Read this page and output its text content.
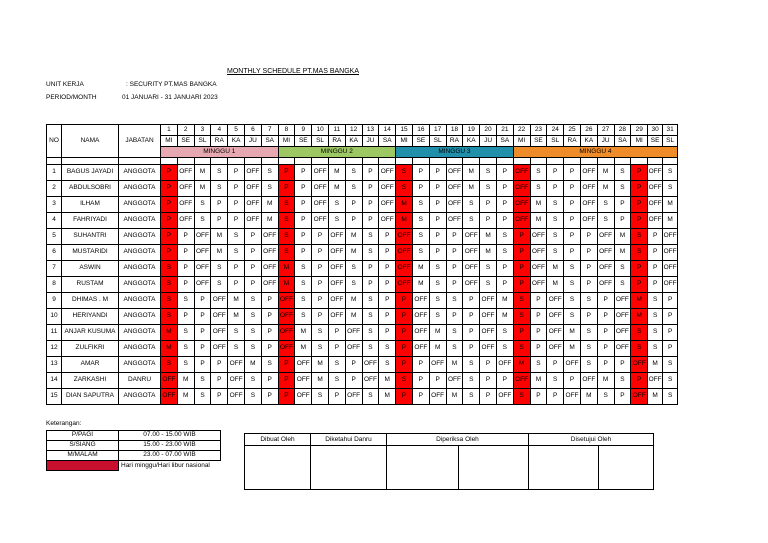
MONTHLY SCHEDULE PT.MAS BANGKA
UNIT KERJA	: SECURITY PT.MAS BANGKA
PERIOD/MONTH	01 JANUARI - 31 JANUARI 2023
NO	NAMA	JABATAN	1	2	3	4	5	6	7	8	9	10	11	12	13	14	15	16	17	18	19	20	21	22	23	24	25	26	27	28	29	30	31
			MI	SE	SL	RA	KA	JU	SA	MI	SE	SL	RA	KA	JU	SA	MI	SE	SL	RA	KA	JU	SA	MI	SE	SL	RA	KA	JU	SA	MI	SE	SL
			MINGGU 1							MINGGU 2							MINGGU 3							MINGGU 4									

1	BAGUS JAYADI	ANGGOTA	P	OFF	M	S	P	OFF	S	P	P	OFF	M	S	P	OFF	S	P	P	OFF	M	S	P	OFF	S	P	P	OFF	M	S	P	OFF	S
2	ABDULSOBRI	ANGGOTA	P	OFF	M	S	P	OFF	S	P	P	OFF	M	S	P	OFF	S	P	P	OFF	M	S	P	OFF	S	P	P	OFF	M	S	P	OFF	S
3	ILHAM	ANGGOTA	P	OFF	S	P	P	OFF	M	S	P	OFF	S	P	P	OFF	M	S	P	OFF	S	P	P	OFF	M	S	P	OFF	S	P	P	OFF	M
4	FAHRIYADI	ANGGOTA	P	OFF	S	P	P	OFF	M	S	P	OFF	S	P	P	OFF	M	S	P	OFF	S	P	P	OFF	M	S	P	OFF	S	P	P	OFF	M
5	SUHANTRI	ANGGOTA	P	P	OFF	M	S	P	OFF	S	P	P	OFF	M	S	P	OFF	S	P	P	OFF	M	S	P	OFF	S	P	P	OFF	M	S	P	OFF
6	MUSTARIDI	ANGGOTA	P	P	OFF	M	S	P	OFF	S	P	P	OFF	M	S	P	OFF	S	P	P	OFF	M	S	P	OFF	S	P	P	OFF	M	S	P	OFF
7	ASWIN	ANGGOTA	S	P	OFF	S	P	P	OFF	M	S	P	OFF	S	P	P	OFF	M	S	P	OFF	S	P	P	OFF	M	S	P	OFF	S	P	P	OFF
8	RUSTAM	ANGGOTA	S	P	OFF	S	P	P	OFF	M	S	P	OFF	S	P	P	OFF	M	S	P	OFF	S	P	P	OFF	M	S	P	OFF	S	P	P	OFF
9	DHIMAS . M	ANGGOTA	S	S	P	OFF	M	S	P	OFF	S	P	OFF	M	S	P	P	OFF	S	S	P	OFF	M	S	P	OFF	S	S	P	OFF	M	S	P
10	HERIYANDI	ANGGOTA	S	P	P	OFF	M	S	P	OFF	S	P	OFF	M	S	P	P	OFF	S	P	P	OFF	M	S	P	OFF	S	P	P	OFF	M	S	P
11	ANJAR KUSUMA	ANGGOTA	M	S	P	OFF	S	S	P	OFF	M	S	P	OFF	S	P	P	OFF	M	S	P	OFF	S	P	P	OFF	M	S	P	OFF	S	S	P
12	ZULFIKRI	ANGGOTA	M	S	P	OFF	S	S	P	OFF	M	S	P	OFF	S	S	P	OFF	M	S	P	OFF	S	S	P	OFF	M	S	P	OFF	S	S	P
13	AMAR	ANGGOTA	S	S	P	P	OFF	M	S	P	OFF	M	S	P	OFF	S	P	P	OFF	M	S	P	OFF	M	S	P	OFF	S	P	P	OFF	M	S
14	ZARKASHI	DANRU	OFF	M	S	P	OFF	S	P	P	OFF	M	S	P	OFF	M	S	P	P	OFF	S	P	P	OFF	M	S	P	OFF	M	S	P	OFF	S
15	DIAN SAPUTRA	ANGGOTA	OFF	M	S	P	OFF	S	P	P	OFF	S	P	OFF	S	M	P	P	OFF	M	S	P	OFF	S	P	P	OFF	M	S	P	OFF	M	S
Keterangan:
P/PAGI	07.00 - 15.00 WIB
S/SIANG	15.00 - 23.00 WIB
M/MALAM	23.00 - 07.00 WIB
	Hari minggu/Hari libur nasional
Dibuat Oleh	Diketahui Danru	Diperiksa Oleh		Disetujui Oleh	
